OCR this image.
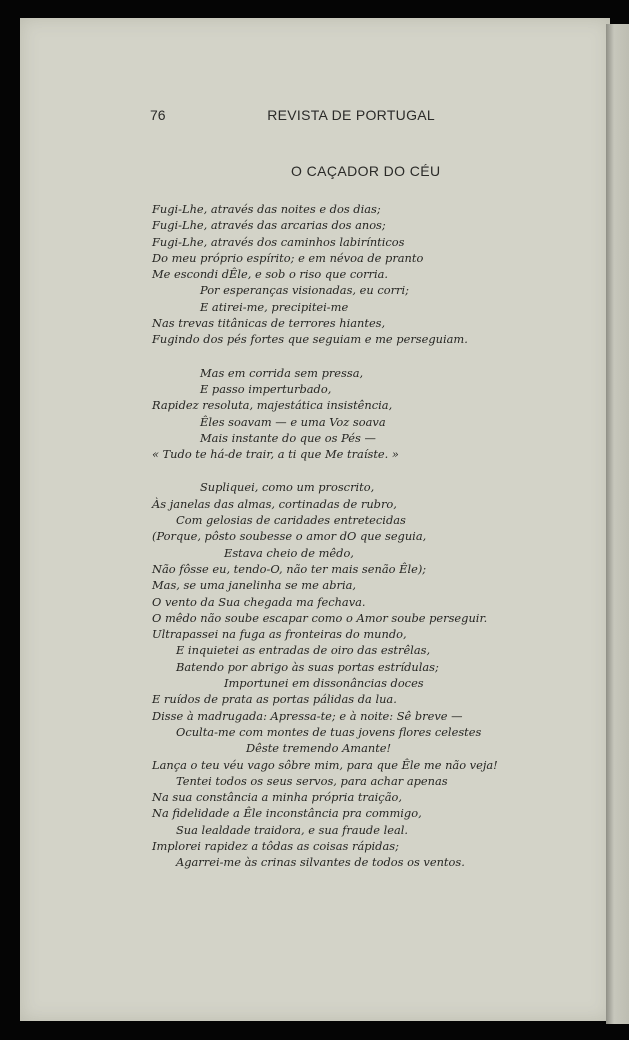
76	REVISTA DE PORTUGAL
O CAÇADOR DO CÉU
Fugi-Lhe, através das noites e dos dias;
Fugi-Lhe, através das arcarias dos anos;
Fugi-Lhe, através dos caminhos labirínticos
Do meu próprio espírito; e em névoa de pranto
Me escondi dÊle, e sob o riso que corria.
Por esperanças visionadas, eu corri;
E atirei-me, precipitei-me
Nas trevas titânicas de terrores hiantes,
Fugindo dos pés fortes que seguiam e me perseguiam.
Mas em corrida sem pressa,
E passo imperturbado,
Rapidez resoluta, majestática insistência,
Êles soavam — e uma Voz soava
Mais instante do que os Pés —
« Tudo te há-de trair, a ti que Me traíste. »
Supliquei, como um proscrito,
Às janelas das almas, cortinadas de rubro,
Com gelosias de caridades entretecidas
(Porque, pôsto soubesse o amor dO que seguia,
Estava cheio de mêdo,
Não fôsse eu, tendo-O, não ter mais senão Êle);
Mas, se uma janelinha se me abria,
O vento da Sua chegada ma fechava.
O mêdo não soube escapar como o Amor soube perseguir.
Ultrapassei na fuga as fronteiras do mundo,
E inquietei as entradas de oiro das estrêlas,
Batendo por abrigo às suas portas estrídulas;
Importunei em dissonâncias doces
E ruídos de prata as portas pálidas da lua.
Disse à madrugada: Apressa-te; e à noite: Sê breve —
Oculta-me com montes de tuas jovens flores celestes
Dêste tremendo Amante!
Lança o teu véu vago sôbre mim, para que Êle me não veja!
Tentei todos os seus servos, para achar apenas
Na sua constância a minha própria traição,
Na fidelidade a Êle inconstância pra commigo,
Sua lealdade traidora, e sua fraude leal.
Implorei rapidez a tôdas as coisas rápidas;
Agarrei-me às crinas silvantes de todos os ventos.
